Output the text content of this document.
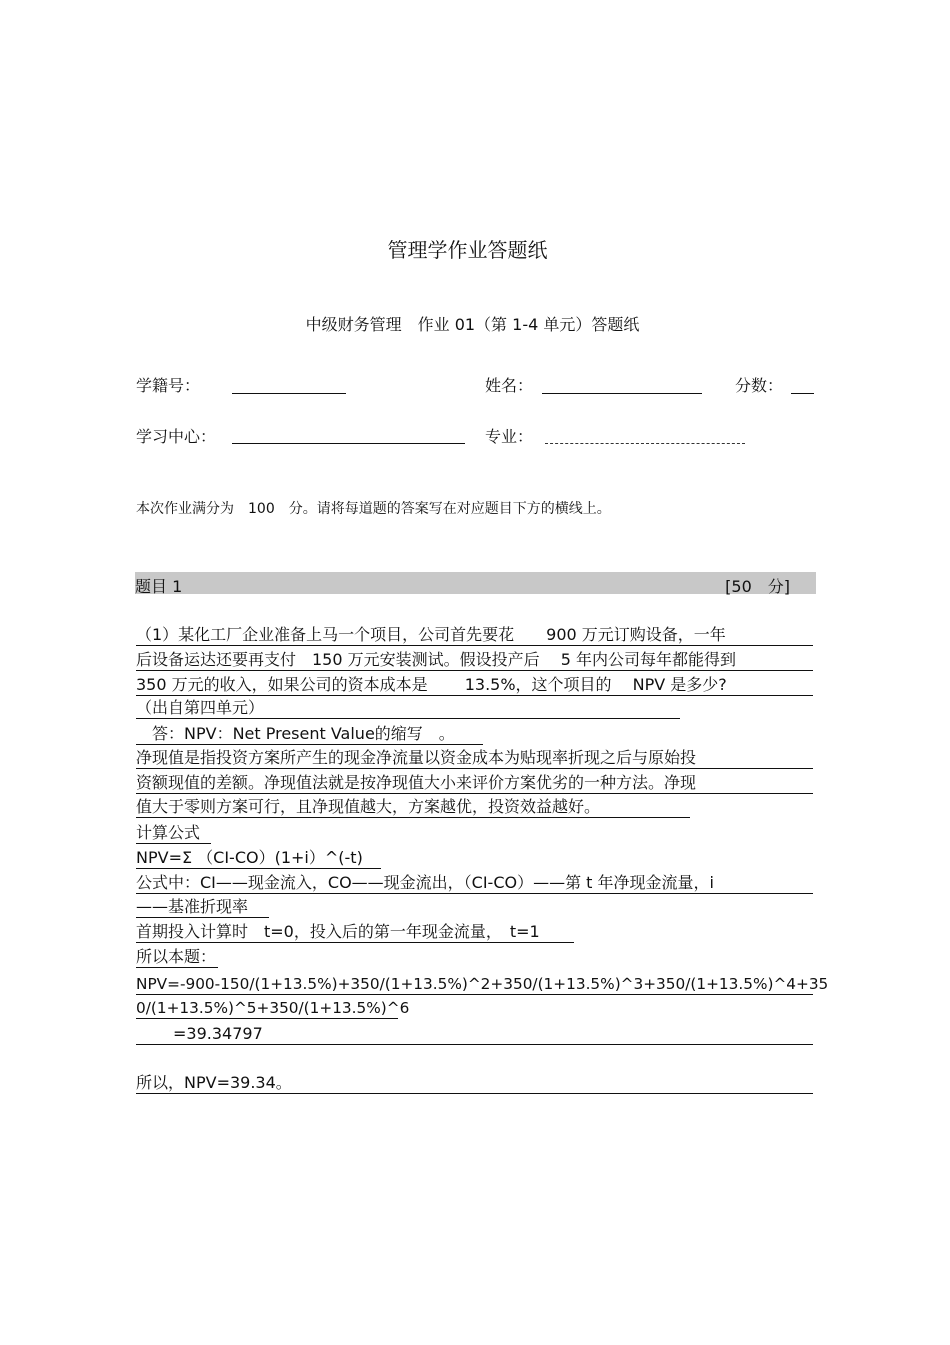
管理学作业答题纸
中级财务管理　作业 01（第 1-4 单元）答题纸
学籍号：	姓名：	分数：
学习中心：	专业：
本次作业满分为　100　分。请将每道题的答案写在对应题目下方的横线上。
题目 1	[50　分]
（1）某化工厂企业准备上马一个项目，公司首先要花　　900 万元订购设备，一年
后设备运达还要再支付　150 万元安装测试。假设投产后　 5 年内公司每年都能得到
350 万元的收入，如果公司的资本成本是　　 13.5%，这个项目的　 NPV 是多少?
（出自第四单元）
　答：NPV：Net Present Value的缩写　。
净现值是指投资方案所产生的现金净流量以资金成本为贴现率折现之后与原始投
资额现值的差额。净现值法就是按净现值大小来评价方案优劣的一种方法。净现
值大于零则方案可行，且净现值越大，方案越优，投资效益越好。
计算公式
NPV=Σ （CI-CO）(1+i）^(-t)
公式中：CI——现金流入，CO——现金流出，（CI-CO）——第 t 年净现金流量，i
——基准折现率
首期投入计算时　t=0，投入后的第一年现金流量，　t=1
所以本题：
NPV=-900-150/(1+13.5%)+350/(1+13.5%)^2+350/(1+13.5%)^3+350/(1+13.5%)^4+35
0/(1+13.5%)^5+350/(1+13.5%)^6
=39.34797
所以，NPV=39.34。
